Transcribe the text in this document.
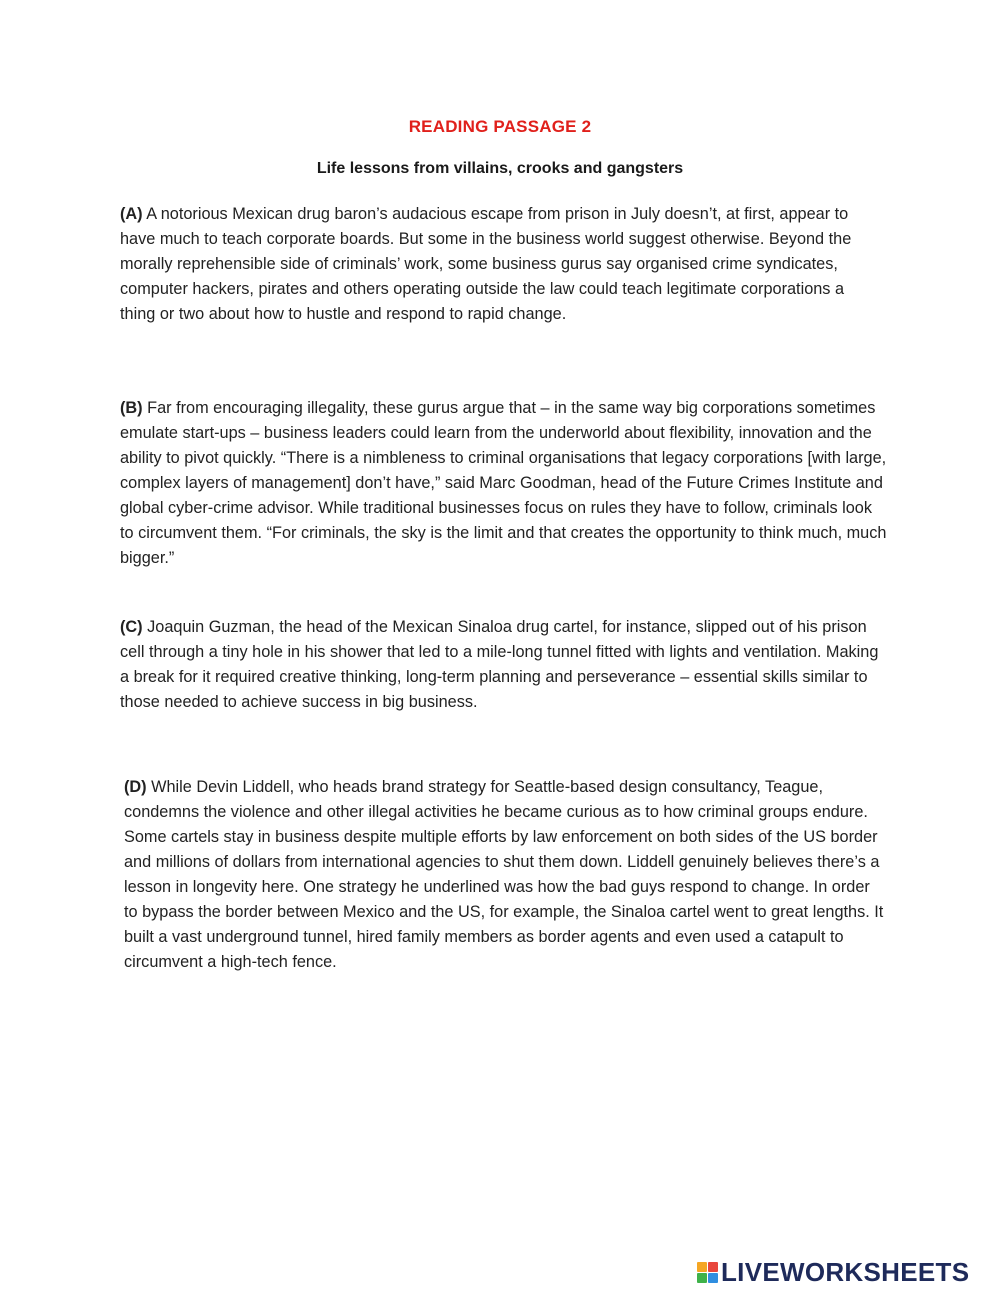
READING PASSAGE 2
Life lessons from villains, crooks and gangsters

(A) A notorious Mexican drug baron’s audacious escape from prison in July doesn’t, at first, appear to have much to teach corporate boards. But some in the business world suggest otherwise. Beyond the morally reprehensible side of criminals’ work, some business gurus say organised crime syndicates, computer hackers, pirates and others operating outside the law could teach legitimate corporations a thing or two about how to hustle and respond to rapid change.

(B) Far from encouraging illegality, these gurus argue that – in the same way big corporations sometimes emulate start-ups – business leaders could learn from the underworld about flexibility, innovation and the ability to pivot quickly. “There is a nimbleness to criminal organisations that legacy corporations [with large, complex layers of management] don’t have,” said Marc Goodman, head of the Future Crimes Institute and global cyber-crime advisor. While traditional businesses focus on rules they have to follow, criminals look to circumvent them. “For criminals, the sky is the limit and that creates the opportunity to think much, much bigger.”

(C) Joaquin Guzman, the head of the Mexican Sinaloa drug cartel, for instance, slipped out of his prison cell through a tiny hole in his shower that led to a mile-long tunnel fitted with lights and ventilation. Making a break for it required creative thinking, long-term planning and perseverance – essential skills similar to those needed to achieve success in big business.

(D) While Devin Liddell, who heads brand strategy for Seattle-based design consultancy, Teague, condemns the violence and other illegal activities he became curious as to how criminal groups endure. Some cartels stay in business despite multiple efforts by law enforcement on both sides of the US border and millions of dollars from international agencies to shut them down. Liddell genuinely believes there’s a lesson in longevity here. One strategy he underlined was how the bad guys respond to change. In order to bypass the border between Mexico and the US, for example, the Sinaloa cartel went to great lengths. It built a vast underground tunnel, hired family members as border agents and even used a catapult to circumvent a high-tech fence.

LIVEWORKSHEETS
